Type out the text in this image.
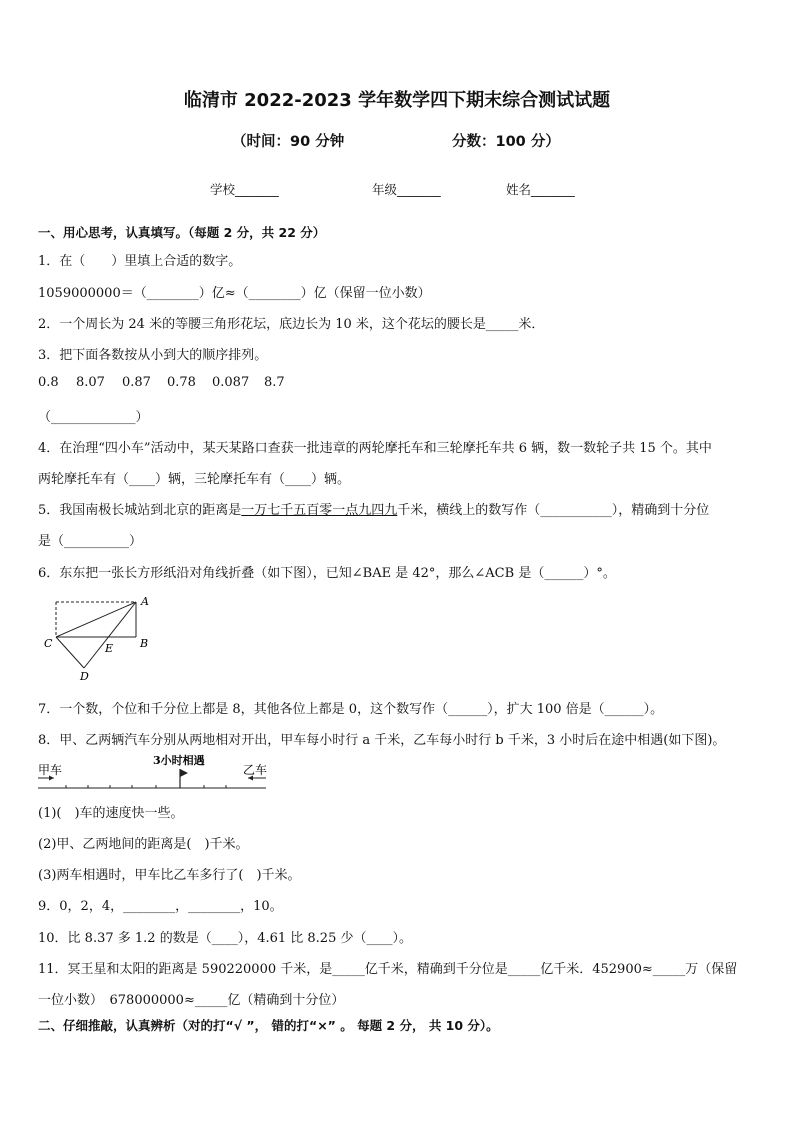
临清市 2022-2023 学年数学四下期末综合测试试题
（时间：90 分钟	分数：100 分）
学校_______	年级_______	姓名_______
一、用心思考，认真填写。（每题 2 分，共 22 分）
1．在（　　）里填上合适的数字。
1059000000＝（________）亿≈（________）亿（保留一位小数）
2．一个周长为 24 米的等腰三角形花坛，底边长为 10 米，这个花坛的腰长是_____米．
3．把下面各数按从小到大的顺序排列。
0.8 8.07 0.87 0.78 0.087 8.7
（_____________）
4．在治理“四小车”活动中，某天某路口查获一批违章的两轮摩托车和三轮摩托车共 6 辆，数一数轮子共 15 个。其中
两轮摩托车有（____）辆，三轮摩托车有（____）辆。
5．我国南极长城站到北京的距离是一万七千五百零一点九四九千米，横线上的数写作（___________），精确到十分位
是（__________）
6．东东把一张长方形纸沿对角线折叠（如下图），已知∠BAE 是 42°，那么∠ACB 是（______）°。
A
B
C	E
D
7．一个数，个位和千分位上都是 8，其他各位上都是 0，这个数写作（______），扩大 100 倍是（______）。
8．甲、乙两辆汽车分别从两地相对开出，甲车每小时行 a 千米，乙车每小时行 b 千米，3 小时后在途中相遇(如下图)。
甲车
3小时相遇
乙车
(1)(　)车的速度快一些。
(2)甲、乙两地间的距离是(　)千米。
(3)两车相遇时，甲车比乙车多行了(　)千米。
9．0，2，4，________，________，10。
10．比 8.37 多 1.2 的数是（____），4.61 比 8.25 少（____）。
11．冥王星和太阳的距离是 590220000 千米，是_____亿千米，精确到千分位是_____亿千米．452900≈_____万（保留
一位小数）　678000000≈_____亿（精确到十分位）
二、仔细推敲，认真辨析（对的打“√ ”， 错的打“×” 。 每题 2 分， 共 10 分）。
